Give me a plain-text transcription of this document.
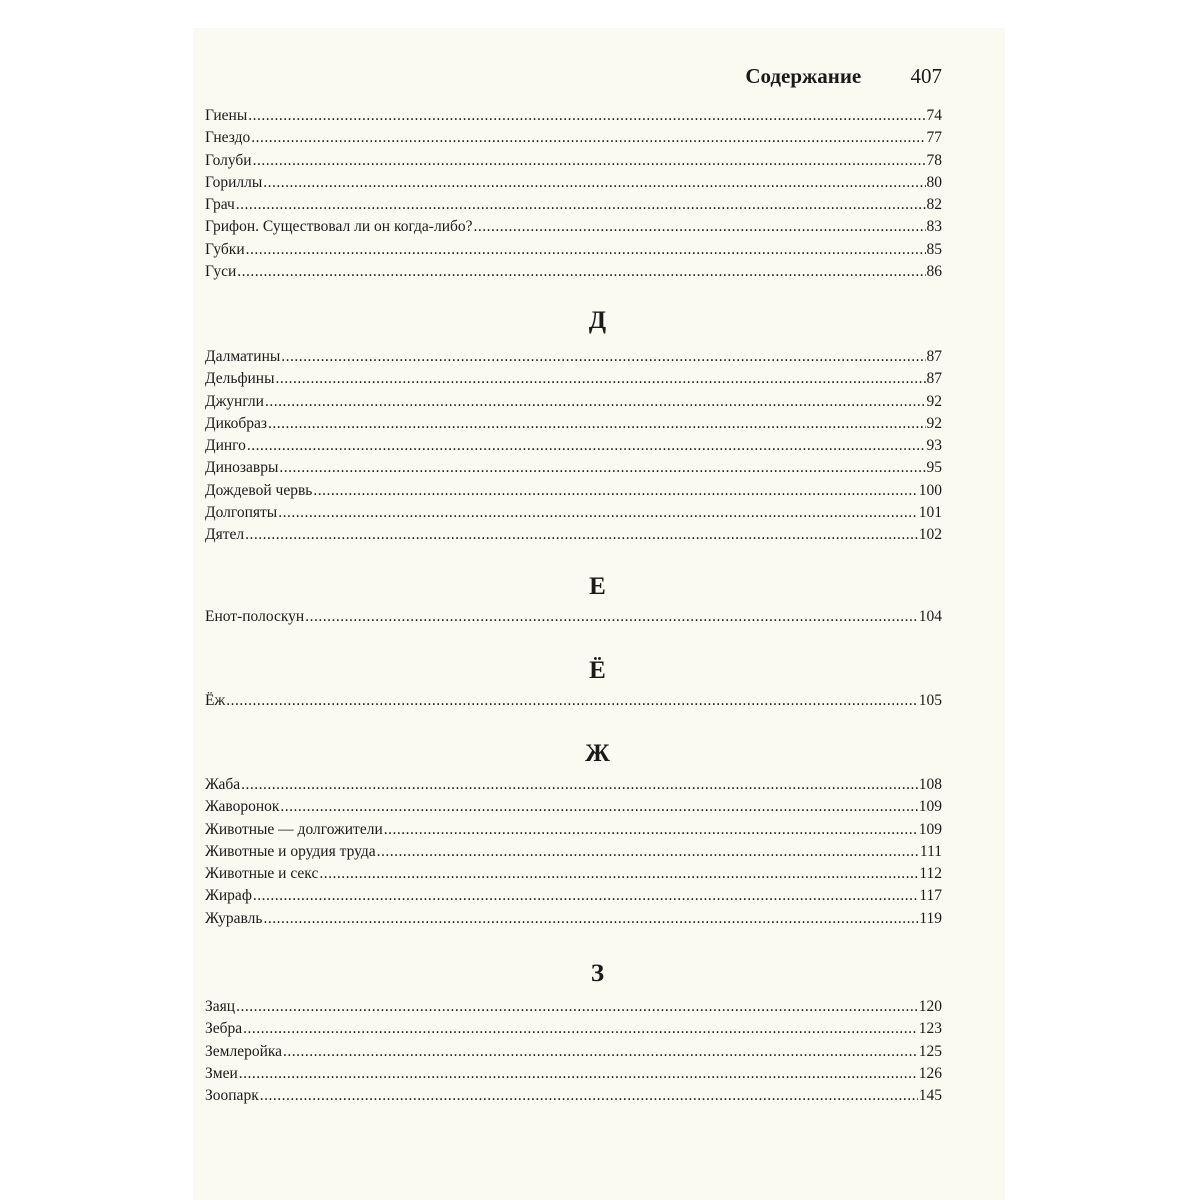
Содержание 407
Гиены .....	74
Гнездо .....	77
Голуби .....	78
Гориллы .....	80
Грач .....	82
Грифон. Существовал ли он когда-либо? .....	83
Губки .....	85
Гуси .....	86
Д
Далматины .....	87
Дельфины .....	87
Джунгли .....	92
Дикобраз .....	92
Динго .....	93
Динозавры .....	95
Дождевой червь .....	100
Долгопяты .....	101
Дятел .....	102
Е
Енот-полоскун .....	104
Ё
Ёж .....	105
Ж
Жаба .....	108
Жаворонок .....	109
Животные — долгожители .....	109
Животные и орудия труда .....	111
Животные и секс .....	112
Жираф .....	117
Журавль .....	119
З
Заяц .....	120
Зебра .....	123
Землеройка .....	125
Змеи .....	126
Зоопарк .....	145
